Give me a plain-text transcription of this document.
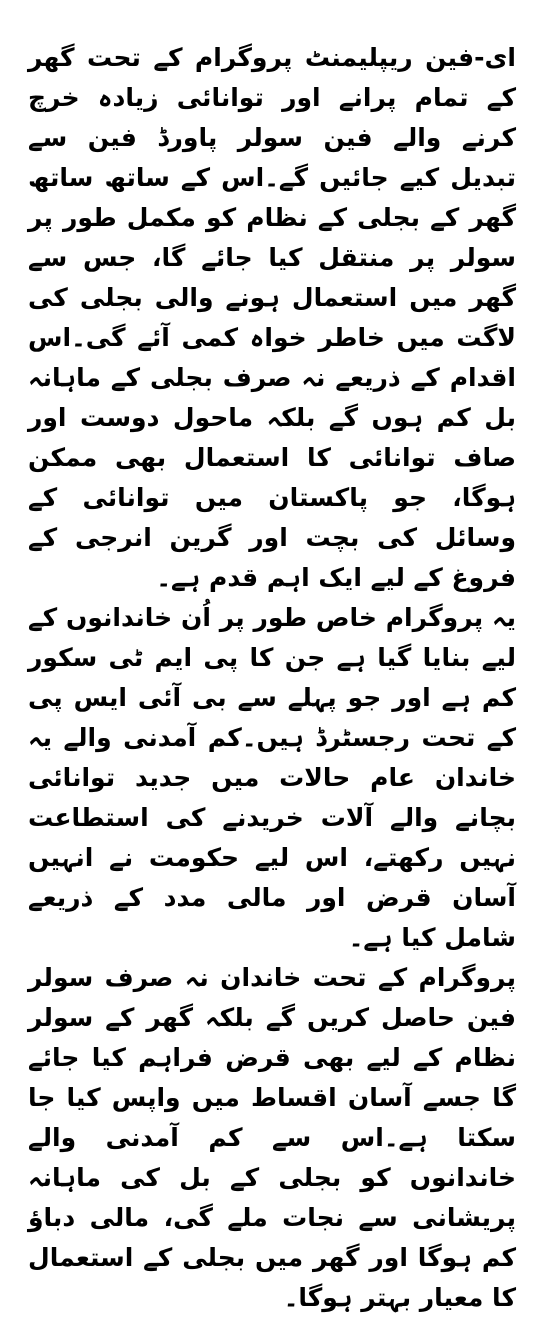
ای-فین ریپلیمنٹ پروگرام کے تحت گھر کے تمام پرانے اور توانائی زیادہ خرچ کرنے والے فین سولر پاورڈ فین سے تبدیل کیے جائیں گے۔اس کے ساتھ ساتھ گھر کے بجلی کے نظام کو مکمل طور پر سولر پر منتقل کیا جائے گا، جس سے گھر میں استعمال ہونے والی بجلی کی لاگت میں خاطر خواہ کمی آئے گی۔اس اقدام کے ذریعے نہ صرف بجلی کے ماہانہ بل کم ہوں گے بلکہ ماحول دوست اور صاف توانائی کا استعمال بھی ممکن ہوگا، جو پاکستان میں توانائی کے وسائل کی بچت اور گرین انرجی کے فروغ کے لیے ایک اہم قدم ہے۔

یہ پروگرام خاص طور پر اُن خاندانوں کے لیے بنایا گیا ہے جن کا پی ایم ٹی سکور کم ہے اور جو پہلے سے بی آئی ایس پی کے تحت رجسٹرڈ ہیں۔کم آمدنی والے یہ خاندان عام حالات میں جدید توانائی بچانے والے آلات خریدنے کی استطاعت نہیں رکھتے، اس لیے حکومت نے انہیں آسان قرض اور مالی مدد کے ذریعے شامل کیا ہے۔

پروگرام کے تحت خاندان نہ صرف سولر فین حاصل کریں گے بلکہ گھر کے سولر نظام کے لیے بھی قرض فراہم کیا جائے گا جسے آسان اقساط میں واپس کیا جا سکتا ہے۔اس سے کم آمدنی والے خاندانوں کو بجلی کے بل کی ماہانہ پریشانی سے نجات ملے گی، مالی دباؤ کم ہوگا اور گھر میں بجلی کے استعمال کا معیار بہتر ہوگا۔
